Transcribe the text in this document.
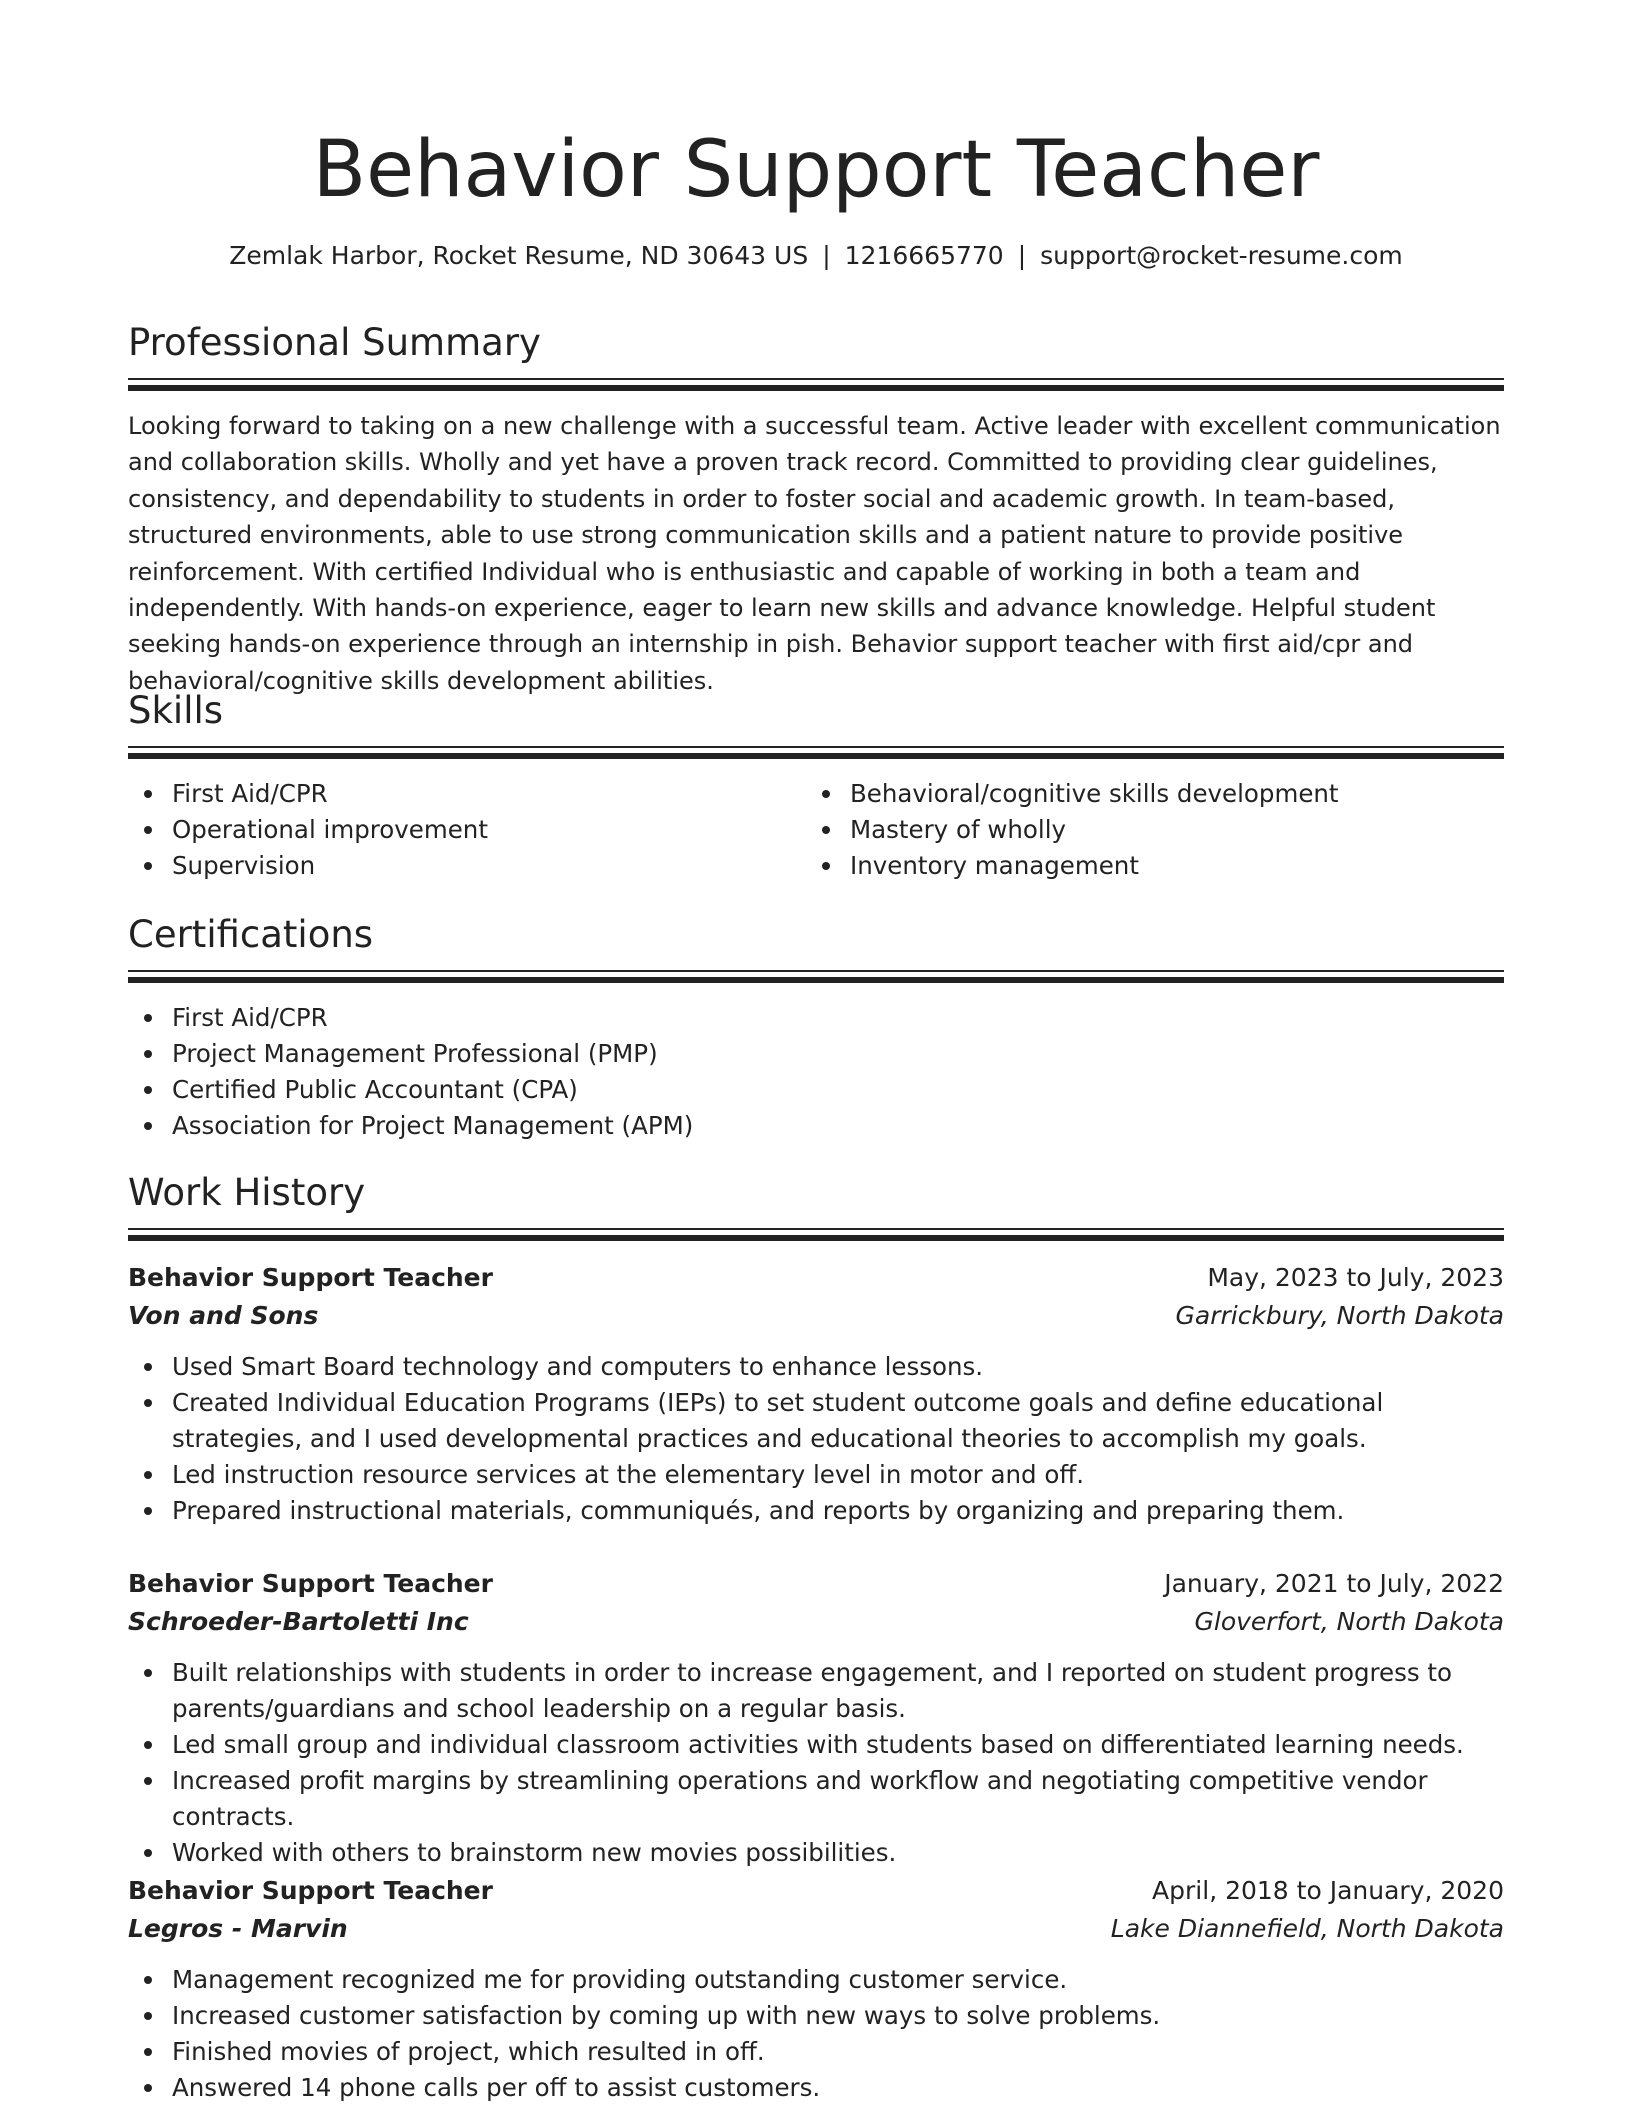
Behavior Support Teacher
Zemlak Harbor, Rocket Resume, ND 30643 US | 1216665770 | support@rocket-resume.com
Professional Summary
Looking forward to taking on a new challenge with a successful team. Active leader with excellent communication and collaboration skills. Wholly and yet have a proven track record. Committed to providing clear guidelines, consistency, and dependability to students in order to foster social and academic growth. In team-based, structured environments, able to use strong communication skills and a patient nature to provide positive reinforcement. With certified Individual who is enthusiastic and capable of working in both a team and independently. With hands-on experience, eager to learn new skills and advance knowledge. Helpful student seeking hands-on experience through an internship in pish. Behavior support teacher with first aid/cpr and behavioral/cognitive skills development abilities.
Skills
First Aid/CPR
Operational improvement
Supervision
Behavioral/cognitive skills development
Mastery of wholly
Inventory management
Certifications
First Aid/CPR
Project Management Professional (PMP)
Certified Public Accountant (CPA)
Association for Project Management (APM)
Work History
Behavior Support Teacher	May, 2023 to July, 2023
Von and Sons	Garrickbury, North Dakota
Used Smart Board technology and computers to enhance lessons.
Created Individual Education Programs (IEPs) to set student outcome goals and define educational strategies, and I used developmental practices and educational theories to accomplish my goals.
Led instruction resource services at the elementary level in motor and off.
Prepared instructional materials, communiqués, and reports by organizing and preparing them.
Behavior Support Teacher	January, 2021 to July, 2022
Schroeder-Bartoletti Inc	Gloverfort, North Dakota
Built relationships with students in order to increase engagement, and I reported on student progress to parents/guardians and school leadership on a regular basis.
Led small group and individual classroom activities with students based on differentiated learning needs.
Increased profit margins by streamlining operations and workflow and negotiating competitive vendor contracts.
Worked with others to brainstorm new movies possibilities.
Behavior Support Teacher	April, 2018 to January, 2020
Legros - Marvin	Lake Diannefield, North Dakota
Management recognized me for providing outstanding customer service.
Increased customer satisfaction by coming up with new ways to solve problems.
Finished movies of project, which resulted in off.
Answered 14 phone calls per off to assist customers.
